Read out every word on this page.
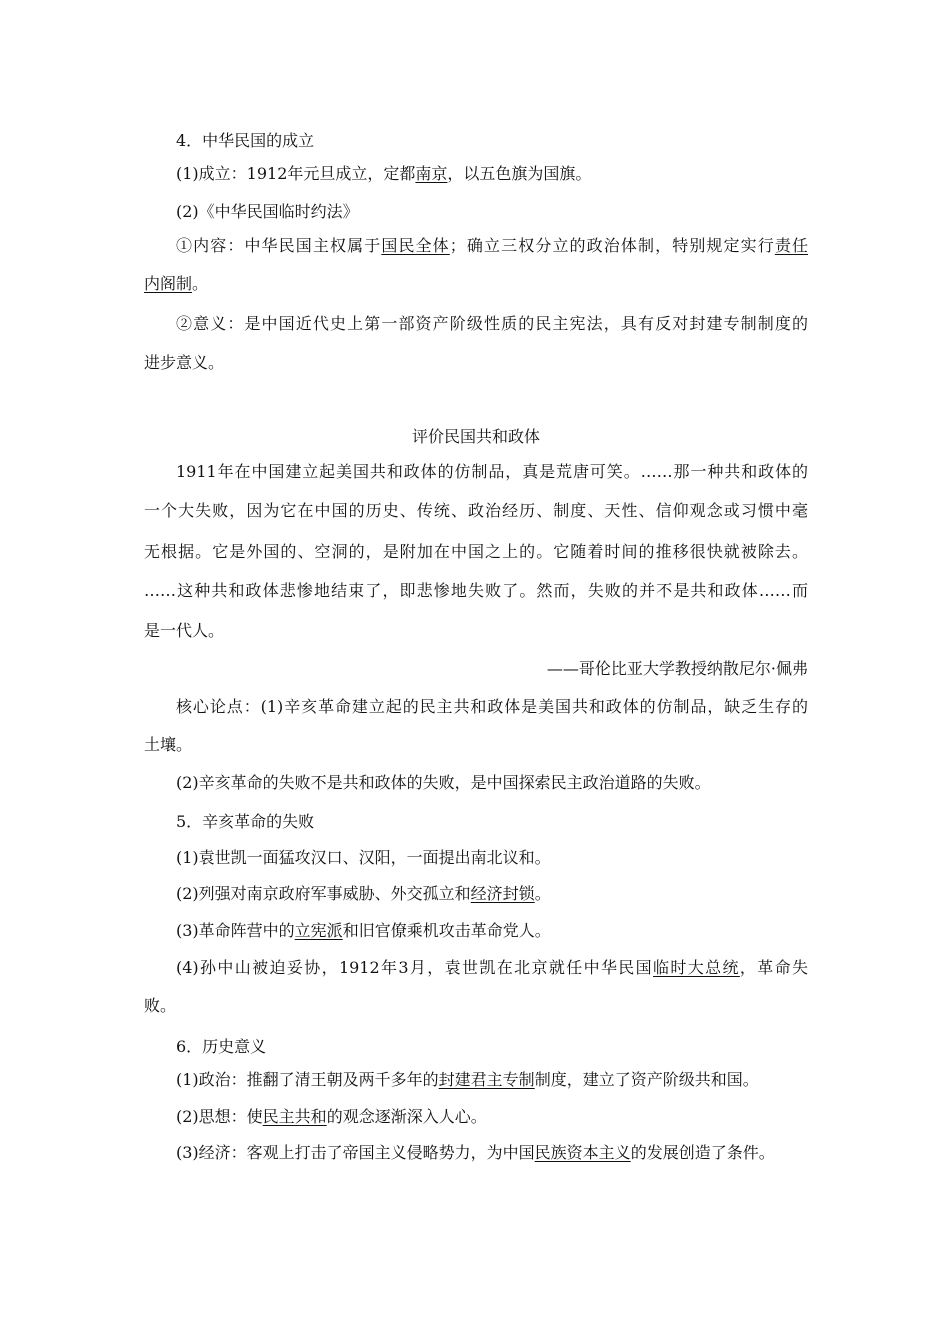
4．中华民国的成立
(1)成立：1912年元旦成立，定都南京，以五色旗为国旗。
(2)《中华民国临时约法》
①内容：中华民国主权属于国民全体；确立三权分立的政治体制，特别规定实行责任
内阁制。
②意义：是中国近代史上第一部资产阶级性质的民主宪法，具有反对封建专制制度的
进步意义。
评价民国共和政体
1911年在中国建立起美国共和政体的仿制品，真是荒唐可笑。……那一种共和政体的
一个大失败，因为它在中国的历史、传统、政治经历、制度、天性、信仰观念或习惯中毫
无根据。它是外国的、空洞的，是附加在中国之上的。它随着时间的推移很快就被除去。
……这种共和政体悲惨地结束了，即悲惨地失败了。然而，失败的并不是共和政体……而
是一代人。
——哥伦比亚大学教授纳散尼尔·佩弗
核心论点：(1)辛亥革命建立起的民主共和政体是美国共和政体的仿制品，缺乏生存的
土壤。
(2)辛亥革命的失败不是共和政体的失败，是中国探索民主政治道路的失败。
5．辛亥革命的失败
(1)袁世凯一面猛攻汉口、汉阳，一面提出南北议和。
(2)列强对南京政府军事威胁、外交孤立和经济封锁。
(3)革命阵营中的立宪派和旧官僚乘机攻击革命党人。
(4)孙中山被迫妥协，1912年3月，袁世凯在北京就任中华民国临时大总统，革命失
败。
6．历史意义
(1)政治：推翻了清王朝及两千多年的封建君主专制制度，建立了资产阶级共和国。
(2)思想：使民主共和的观念逐渐深入人心。
(3)经济：客观上打击了帝国主义侵略势力，为中国民族资本主义的发展创造了条件。
